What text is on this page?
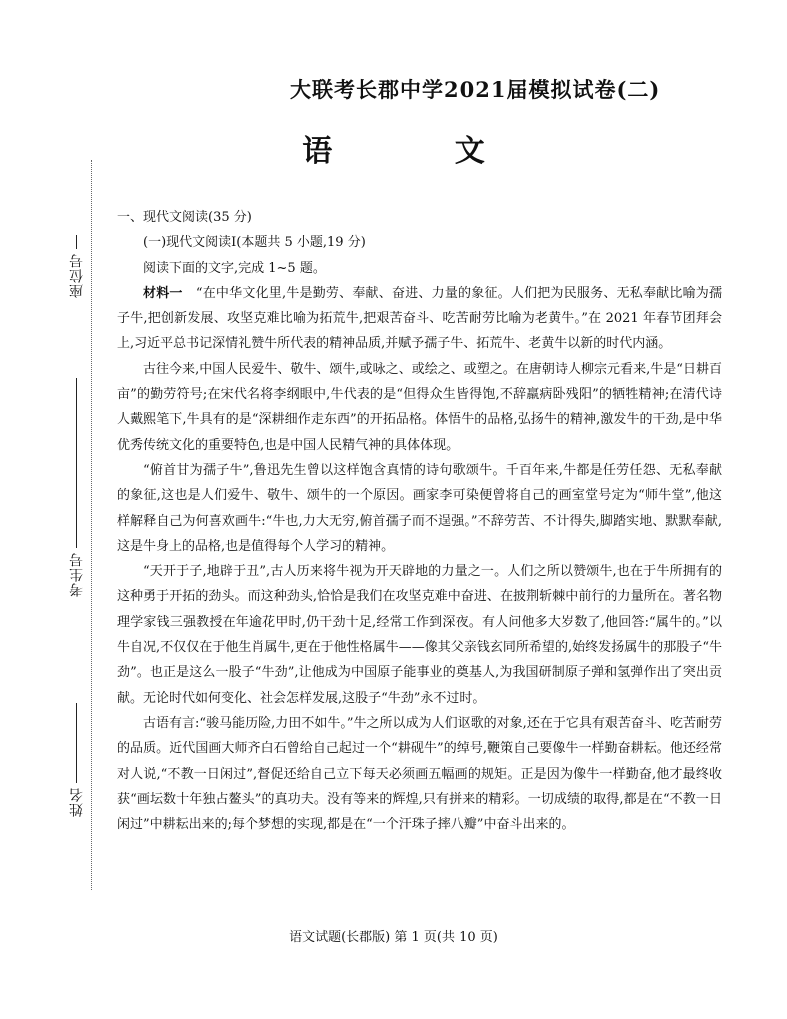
座位号
考生号
姓名
大联考长郡中学2021届模拟试卷(二)
语 文

一、现代文阅读(35 分)

(一)现代文阅读Ⅰ(本题共 5 小题,19 分)

阅读下面的文字,完成 1~5 题。

材料一　 “在中华文化里,牛是勤劳、奉献、奋进、力量的象征。人们把为民服务、无私奉献比喻为孺子牛,把创新发展、攻坚克难比喻为拓荒牛,把艰苦奋斗、吃苦耐劳比喻为老黄牛。”在 2021 年春节团拜会上,习近平总书记深情礼赞牛所代表的精神品质,并赋予孺子牛、拓荒牛、老黄牛以新的时代内涵。

古往今来,中国人民爱牛、敬牛、颂牛,或咏之、或绘之、或塑之。在唐朝诗人柳宗元看来,牛是“日耕百亩”的勤劳符号;在宋代名将李纲眼中,牛代表的是“但得众生皆得饱,不辞羸病卧残阳”的牺牲精神;在清代诗人戴熙笔下,牛具有的是“深耕细作走东西”的开拓品格。体悟牛的品格,弘扬牛的精神,激发牛的干劲,是中华优秀传统文化的重要特色,也是中国人民精气神的具体体现。

“俯首甘为孺子牛”,鲁迅先生曾以这样饱含真情的诗句歌颂牛。千百年来,牛都是任劳任怨、无私奉献的象征,这也是人们爱牛、敬牛、颂牛的一个原因。画家李可染便曾将自己的画室堂号定为“师牛堂”,他这样解释自己为何喜欢画牛:“牛也,力大无穷,俯首孺子而不逞强。”不辞劳苦、不计得失,脚踏实地、默默奉献,这是牛身上的品格,也是值得每个人学习的精神。

“天开于子,地辟于丑”,古人历来将牛视为开天辟地的力量之一。人们之所以赞颂牛,也在于牛所拥有的这种勇于开拓的劲头。而这种劲头,恰恰是我们在攻坚克难中奋进、在披荆斩棘中前行的力量所在。著名物理学家钱三强教授在年逾花甲时,仍干劲十足,经常工作到深夜。有人问他多大岁数了,他回答:“属牛的。”以牛自况,不仅仅在于他生肖属牛,更在于他性格属牛——像其父亲钱玄同所希望的,始终发扬属牛的那股子“牛劲”。也正是这么一股子“牛劲”,让他成为中国原子能事业的奠基人,为我国研制原子弹和氢弹作出了突出贡献。无论时代如何变化、社会怎样发展,这股子“牛劲”永不过时。

古语有言:“骏马能历险,力田不如牛。”牛之所以成为人们讴歌的对象,还在于它具有艰苦奋斗、吃苦耐劳的品质。近代国画大师齐白石曾给自己起过一个“耕砚牛”的绰号,鞭策自己要像牛一样勤奋耕耘。他还经常对人说,“不教一日闲过”,督促还给自己立下每天必须画五幅画的规矩。正是因为像牛一样勤奋,他才最终收获“画坛数十年独占鳌头”的真功夫。没有等来的辉煌,只有拼来的精彩。一切成绩的取得,都是在“不教一日闲过”中耕耘出来的;每个梦想的实现,都是在“一个汗珠子摔八瓣”中奋斗出来的。

语文试题(长郡版) 第 1 页(共 10 页)
